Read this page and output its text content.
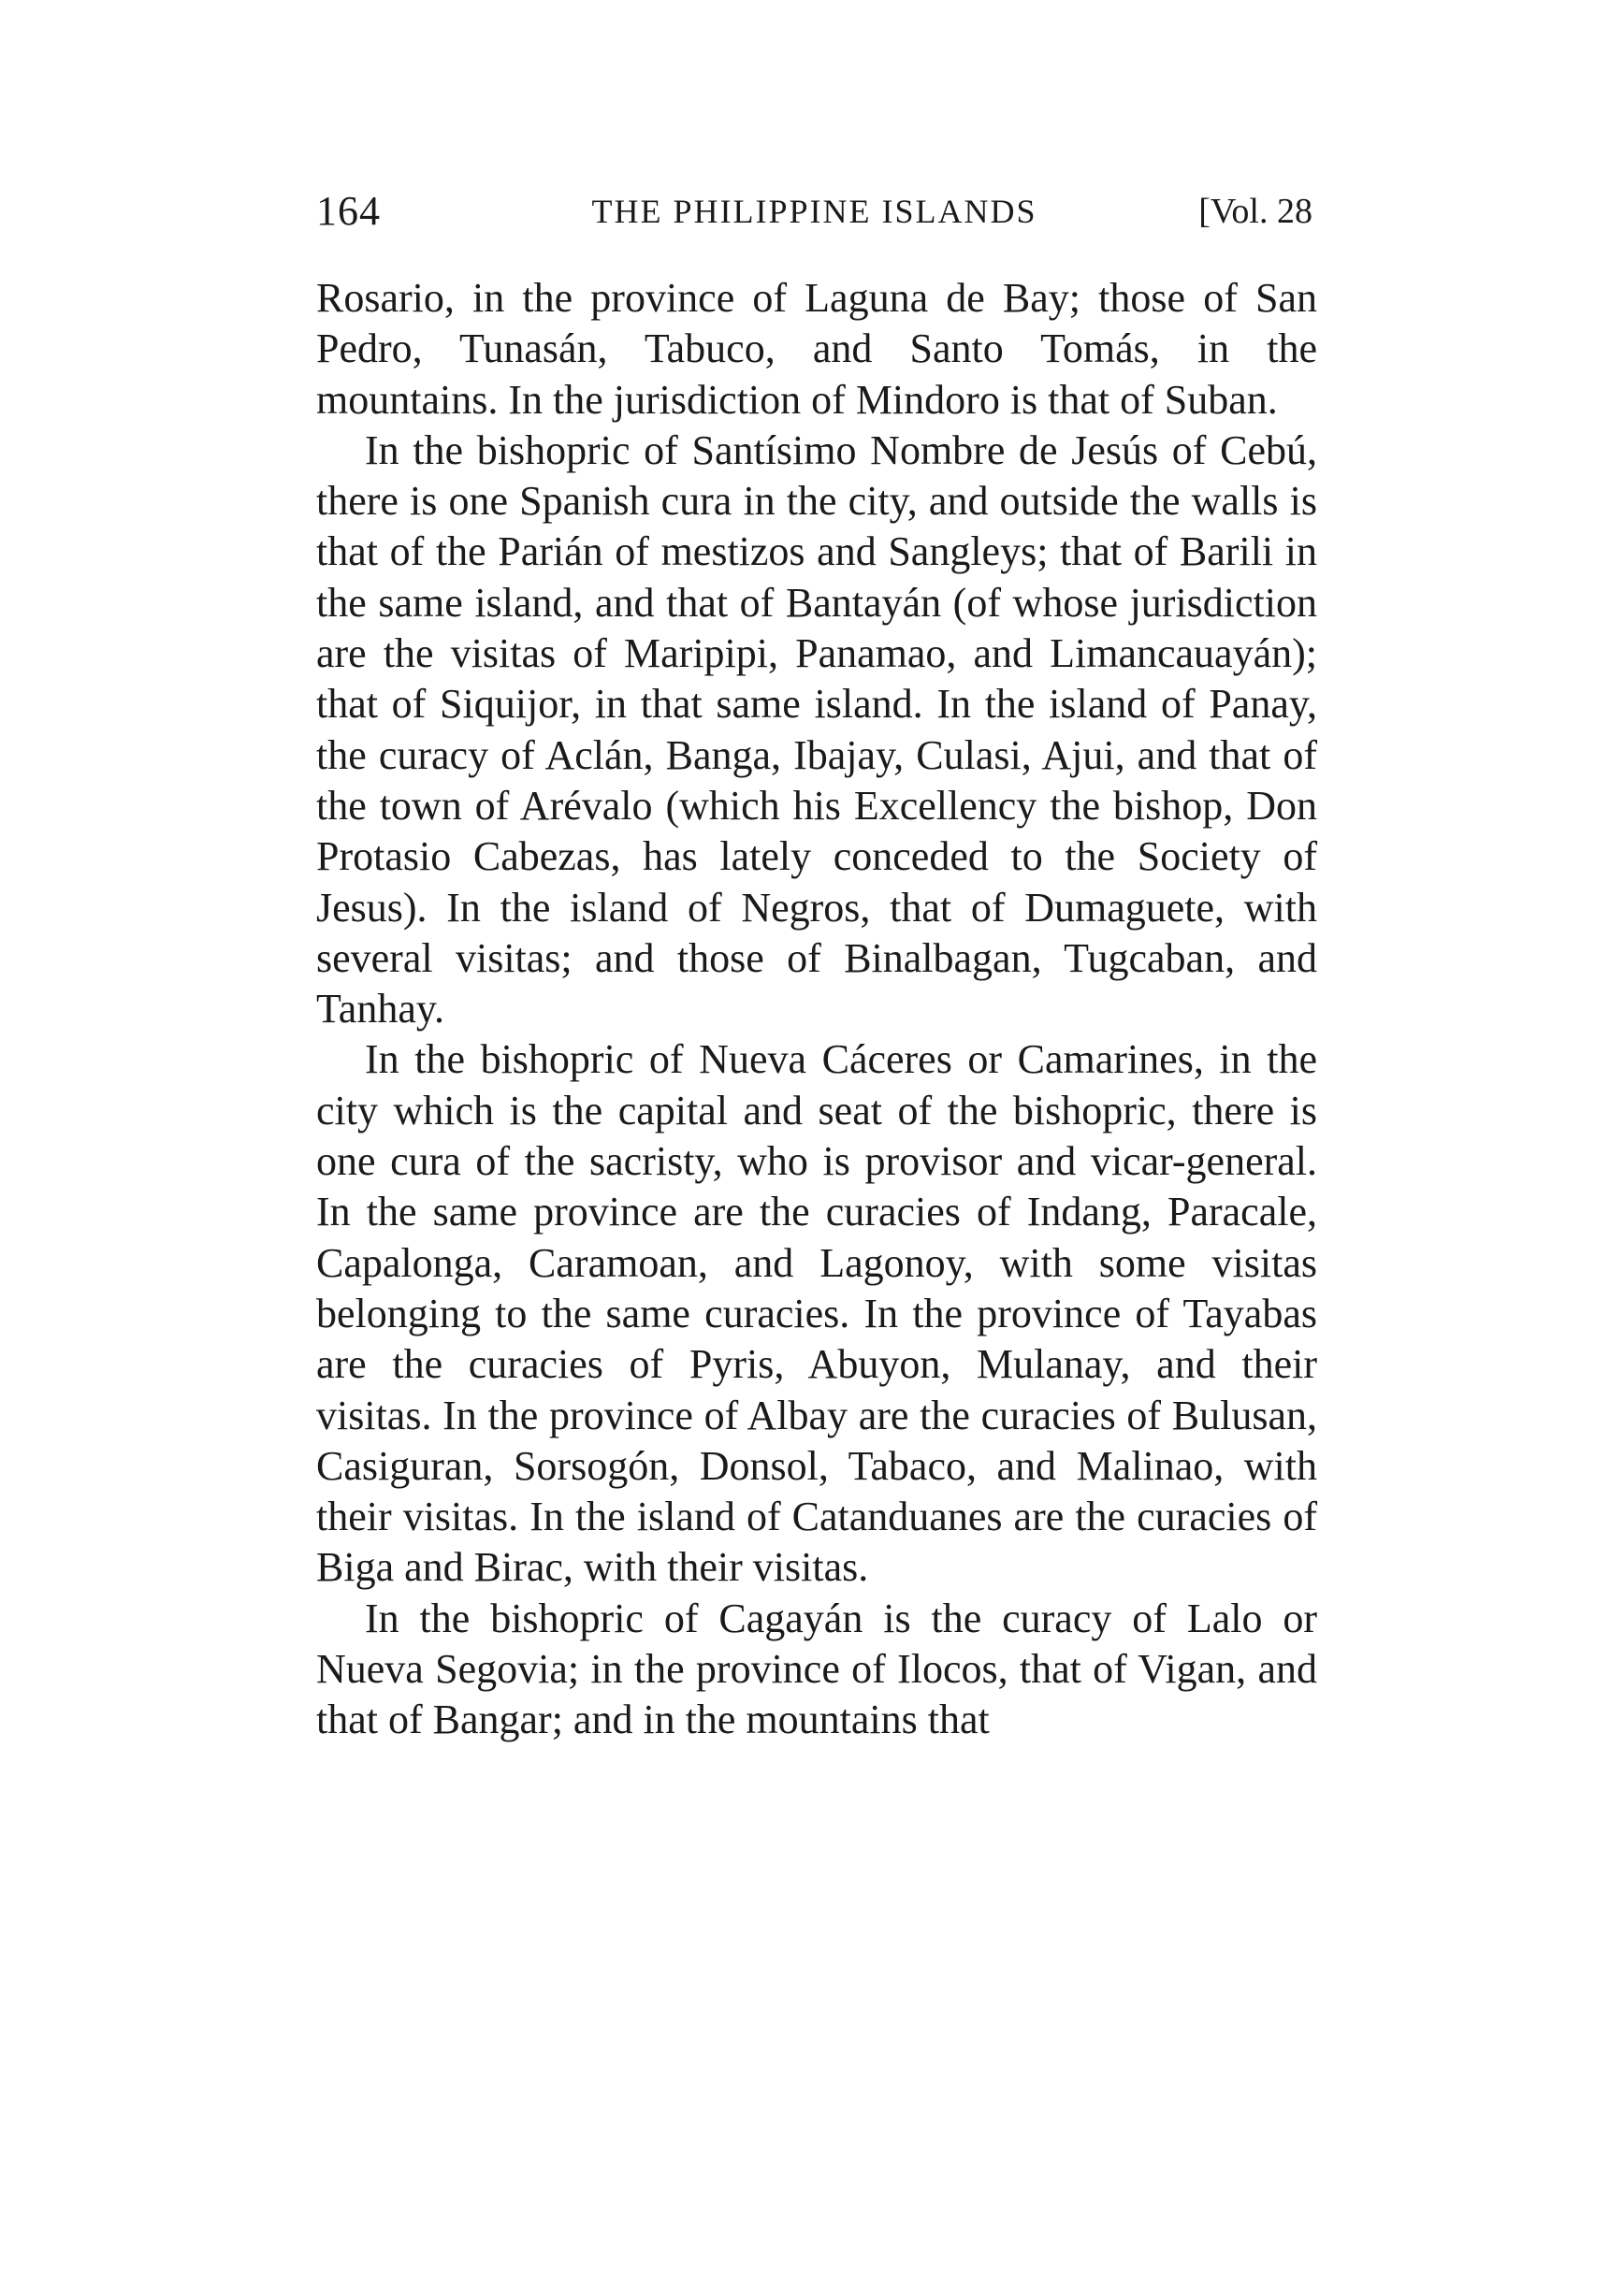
164	THE PHILIPPINE ISLANDS	[Vol. 28

Rosario, in the province of Laguna de Bay; those of San Pedro, Tunasán, Tabuco, and Santo Tomás, in the mountains. In the jurisdiction of Mindoro is that of Suban.

In the bishopric of Santísimo Nombre de Jesús of Cebú, there is one Spanish cura in the city, and outside the walls is that of the Parián of mestizos and Sangleys; that of Barili in the same island, and that of Bantayán (of whose jurisdiction are the visitas of Maripipi, Panamao, and Limancauayán); that of Siquijor, in that same island. In the island of Panay, the curacy of Aclán, Banga, Ibajay, Culasi, Ajui, and that of the town of Arévalo (which his Excellency the bishop, Don Protasio Cabezas, has lately conceded to the Society of Jesus). In the island of Negros, that of Dumaguete, with several visitas; and those of Binalbagan, Tugcaban, and Tanhay.

In the bishopric of Nueva Cáceres or Camarines, in the city which is the capital and seat of the bishopric, there is one cura of the sacristy, who is provisor and vicar-general. In the same province are the curacies of Indang, Paracale, Capalonga, Caramoan, and Lagonoy, with some visitas belonging to the same curacies. In the province of Tayabas are the curacies of Pyris, Abuyon, Mulanay, and their visitas. In the province of Albay are the curacies of Bulusan, Casiguran, Sorsogón, Donsol, Tabaco, and Malinao, with their visitas. In the island of Catanduanes are the curacies of Biga and Birac, with their visitas.

In the bishopric of Cagayán is the curacy of Lalo or Nueva Segovia; in the province of Ilocos, that of Vigan, and that of Bangar; and in the mountains that
